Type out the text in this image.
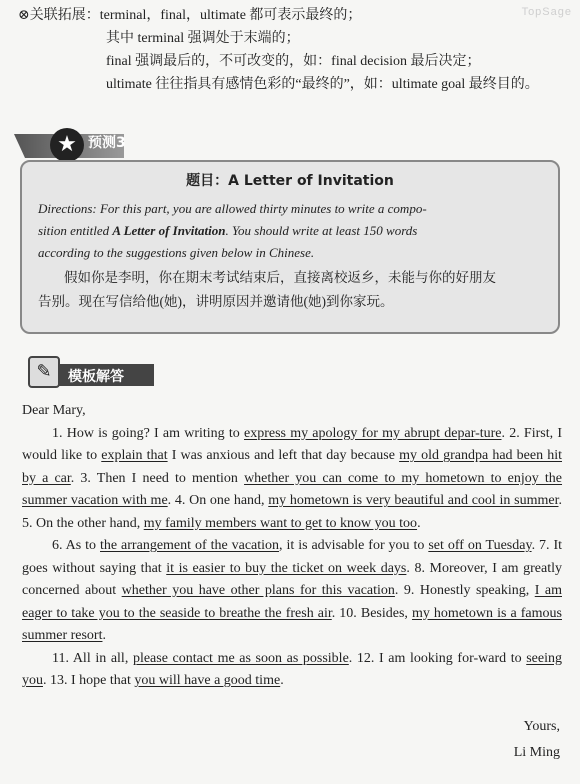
TopSage
⊗关联拓展：terminal，final，ultimate 都可表示最终的；
其中 terminal 强调处于末端的；
final 强调最后的，不可改变的，如：final decision 最后决定；
ultimate 往往指具有感情色彩的“最终的”，如：ultimate goal 最终目的。
★ 预测3
题目：A Letter of Invitation
Directions: For this part, you are allowed thirty minutes to write a compo-
sition entitled A Letter of Invitation. You should write at least 150 words
according to the suggestions given below in Chinese.
假如你是李明，你在期末考试结束后，直接离校返乡，未能与你的好朋友
告别。现在写信给他(她)，讲明原因并邀请他(她)到你家玩。
✎	模板解答
Dear Mary,
1. How is going? I am writing to express my apology for my abrupt depar-ture. 2. First, I would like to explain that I was anxious and left that day because my old grandpa had been hit by a car. 3. Then I need to mention whether you can come to my hometown to enjoy the summer vacation with me. 4. On one hand, my hometown is very beautiful and cool in summer. 5. On the other hand, my family members want to get to know you too.
6. As to the arrangement of the vacation, it is advisable for you to set off on Tuesday. 7. It goes without saying that it is easier to buy the ticket on week days. 8. Moreover, I am greatly concerned about whether you have other plans for this vacation. 9. Honestly speaking, I am eager to take you to the seaside to breathe the fresh air. 10. Besides, my hometown is a famous summer resort.
11. All in all, please contact me as soon as possible. 12. I am looking for-ward to seeing you. 13. I hope that you will have a good time.
Yours,
Li Ming
